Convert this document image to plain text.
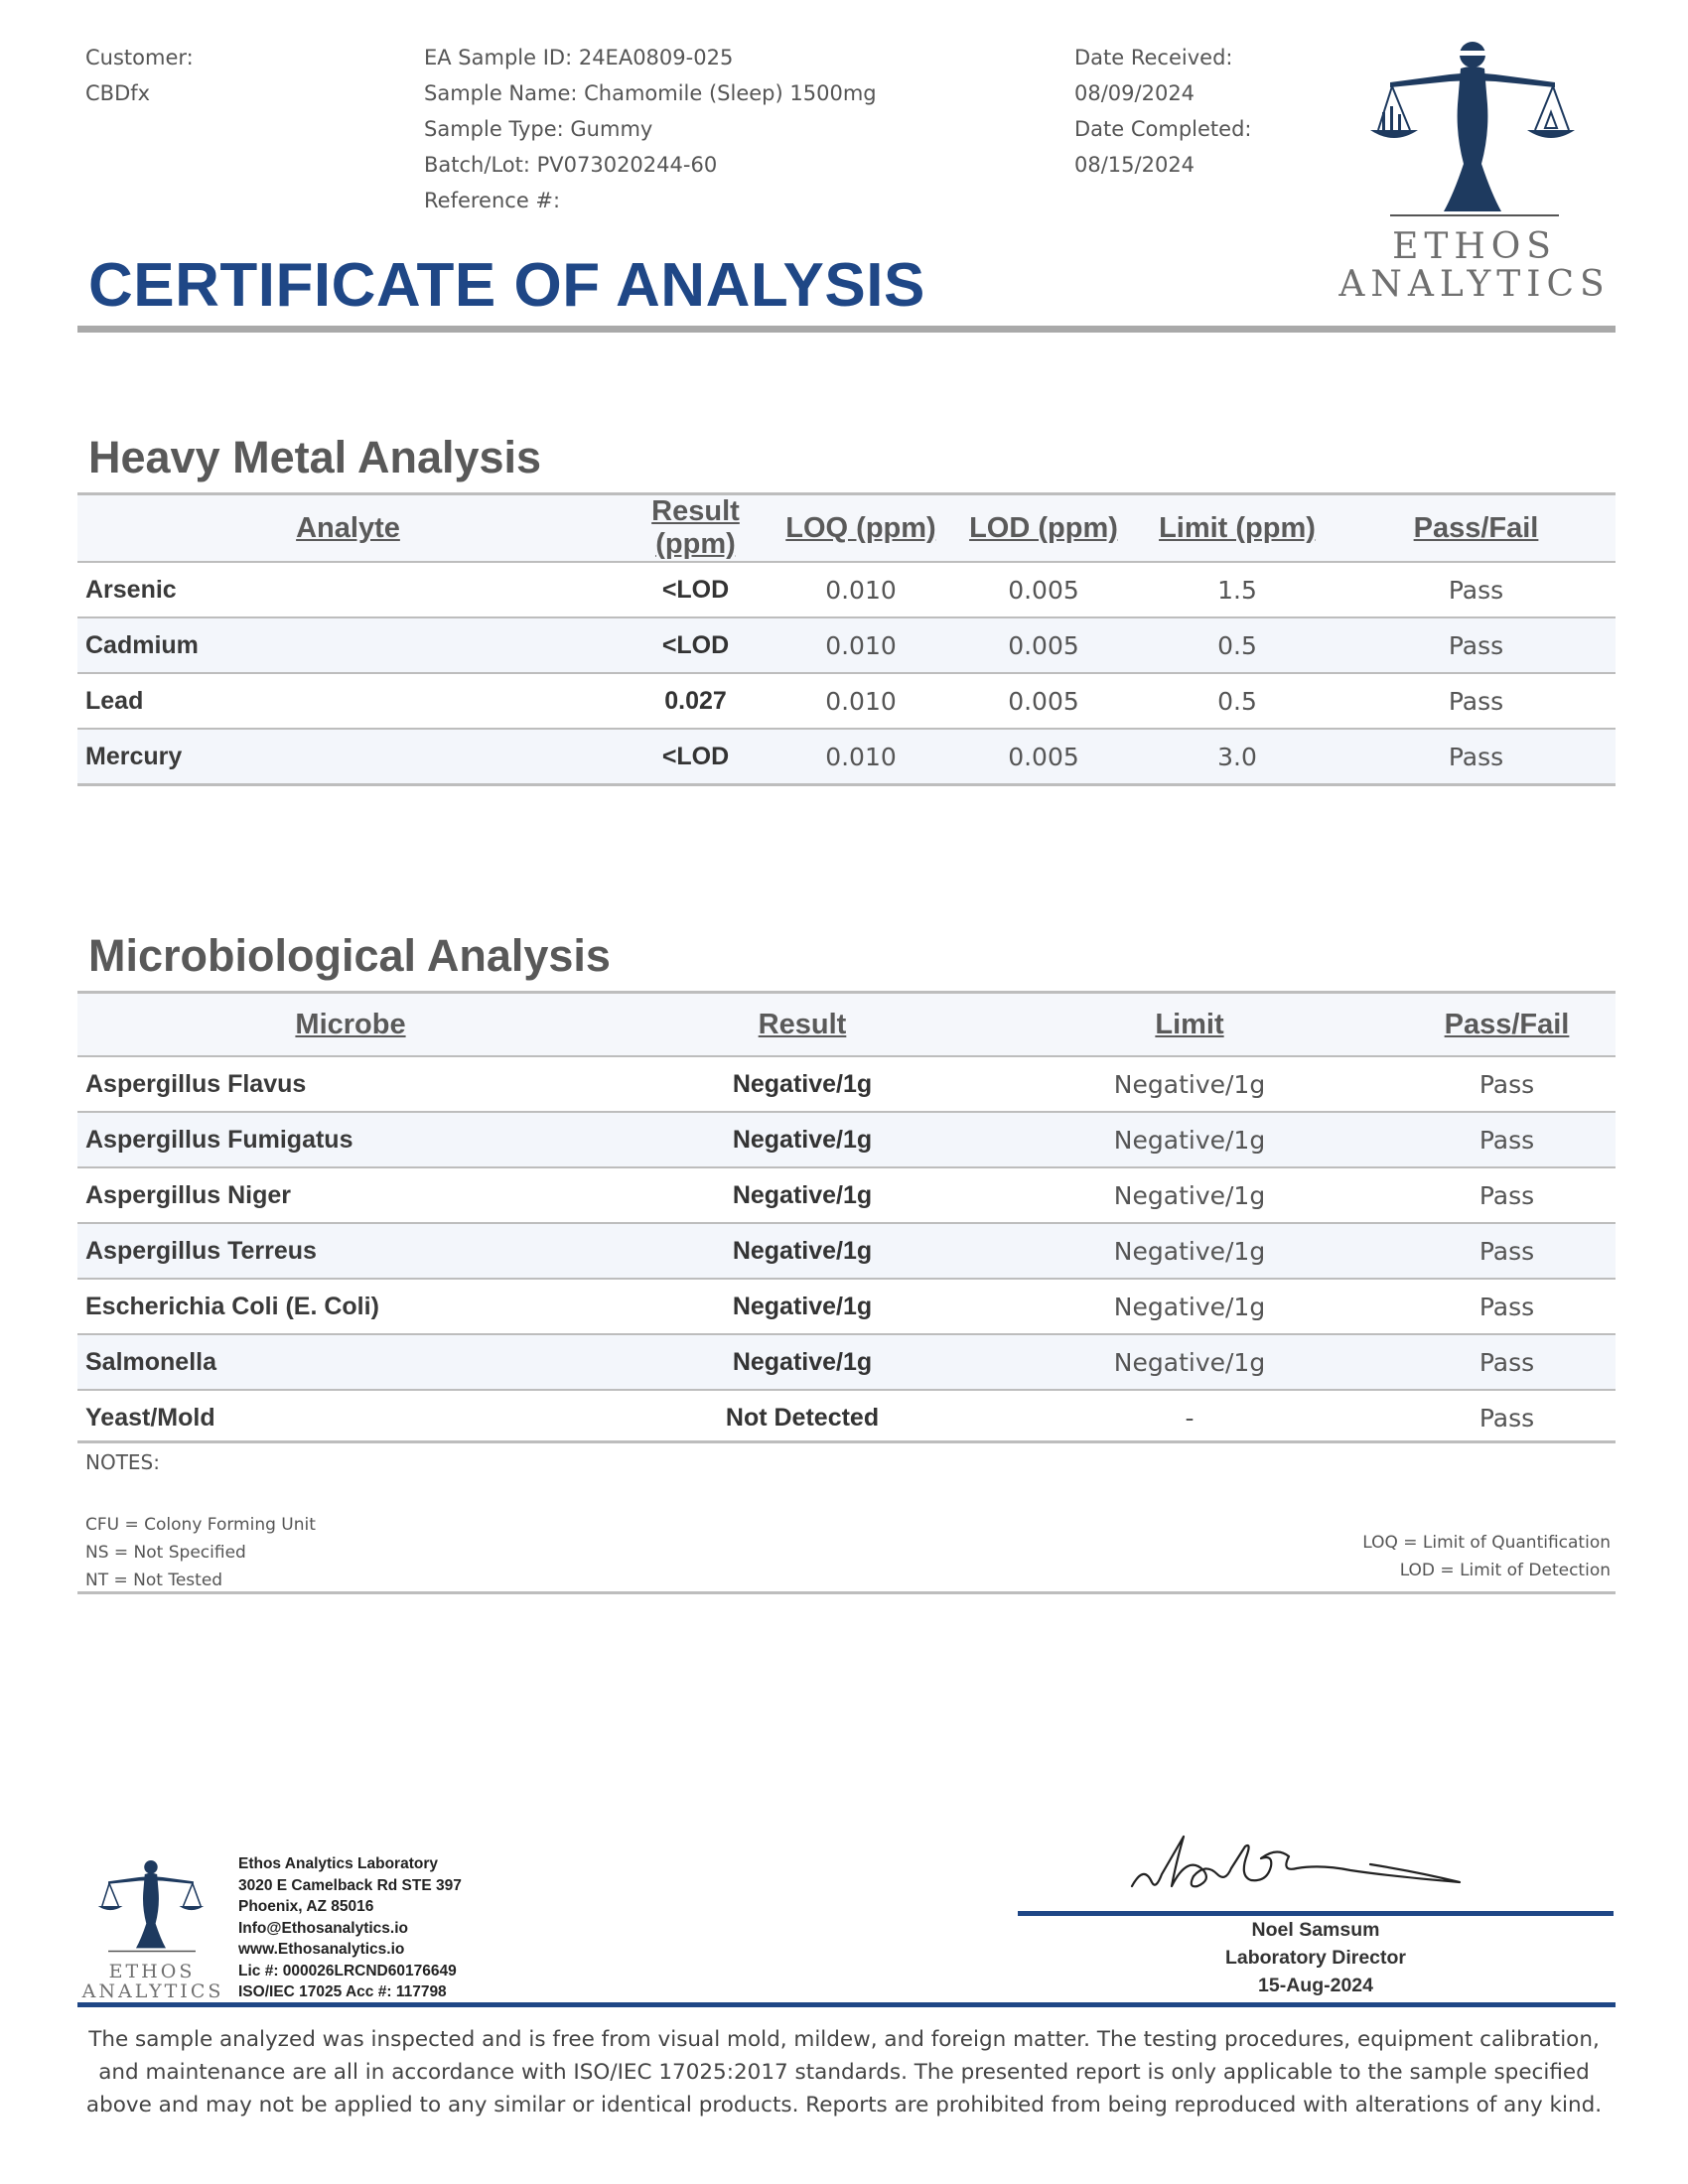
Customer:
CBDfx
EA Sample ID: 24EA0809-025
Sample Name: Chamomile (Sleep) 1500mg
Sample Type: Gummy
Batch/Lot: PV073020244-60
Reference #:
Date Received:
08/09/2024
Date Completed:
08/15/2024
ETHOS
ANALYTICS
CERTIFICATE OF ANALYSIS
Heavy Metal Analysis
Analyte	Result (ppm)	LOQ (ppm)	LOD (ppm)	Limit (ppm)	Pass/Fail
Arsenic	<LOD	0.010	0.005	1.5	Pass
Cadmium	<LOD	0.010	0.005	0.5	Pass
Lead	0.027	0.010	0.005	0.5	Pass
Mercury	<LOD	0.010	0.005	3.0	Pass
Microbiological Analysis
Microbe	Result	Limit	Pass/Fail
Aspergillus Flavus	Negative/1g	Negative/1g	Pass
Aspergillus Fumigatus	Negative/1g	Negative/1g	Pass
Aspergillus Niger	Negative/1g	Negative/1g	Pass
Aspergillus Terreus	Negative/1g	Negative/1g	Pass
Escherichia Coli (E. Coli)	Negative/1g	Negative/1g	Pass
Salmonella	Negative/1g	Negative/1g	Pass
Yeast/Mold	Not Detected	-	Pass
NOTES:
CFU = Colony Forming Unit
NS = Not Specified
NT = Not Tested
LOQ = Limit of Quantification
LOD = Limit of Detection
ETHOS
ANALYTICS
Ethos Analytics Laboratory
3020 E Camelback Rd STE 397
Phoenix, AZ 85016
Info@Ethosanalytics.io
www.Ethosanalytics.io
Lic #: 000026LRCND60176649
ISO/IEC 17025 Acc #: 117798
Noel Samsum
Laboratory Director
15-Aug-2024
The sample analyzed was inspected and is free from visual mold, mildew, and foreign matter. The testing procedures, equipment calibration, and maintenance are all in accordance with ISO/IEC 17025:2017 standards. The presented report is only applicable to the sample specified above and may not be applied to any similar or identical products. Reports are prohibited from being reproduced with alterations of any kind.
